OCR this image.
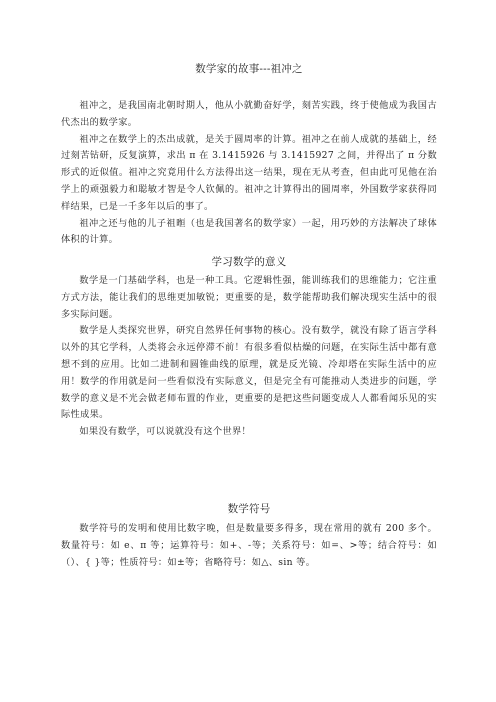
数学家的故事---祖冲之

祖冲之，是我国南北朝时期人，他从小就勤奋好学，刻苦实践，终于使他成为我国古代杰出的数学家。

祖冲之在数学上的杰出成就，是关于圆周率的计算。祖冲之在前人成就的基础上，经过刻苦钻研，反复演算，求出 π 在 3.1415926 与 3.1415927 之间，并得出了 π 分数形式的近似值。祖冲之究竟用什么方法得出这一结果，现在无从考查，但由此可见他在治学上的顽强毅力和聪敏才智是令人钦佩的。祖冲之计算得出的圆周率，外国数学家获得同样结果，已是一千多年以后的事了。

祖冲之还与他的儿子祖暅（也是我国著名的数学家）一起，用巧妙的方法解决了球体体积的计算。

学习数学的意义

数学是一门基础学科，也是一种工具。它逻辑性强，能训练我们的思维能力；它注重方式方法，能让我们的思维更加敏锐；更重要的是，数学能帮助我们解决现实生活中的很多实际问题。

数学是人类探究世界，研究自然界任何事物的核心。没有数学，就没有除了语言学科以外的其它学科，人类将会永远停滞不前！有很多看似枯燥的问题，在实际生活中都有意想不到的应用。比如二进制和圆锥曲线的原理，就是反光镜、冷却塔在实际生活中的应用！数学的作用就是问一些看似没有实际意义，但是完全有可能推动人类进步的问题，学数学的意义是不光会做老师布置的作业，更重要的是把这些问题变成人人都看闻乐见的实际性成果。

如果没有数学，可以说就没有这个世界！

数学符号

数学符号的发明和使用比数字晚，但是数量要多得多，现在常用的就有 200 多个。数量符号：如 e、π 等；运算符号：如+、-等；关系符号：如=、>等；结合符号：如（）、{ }等；性质符号：如±等；省略符号：如△、sin 等。
